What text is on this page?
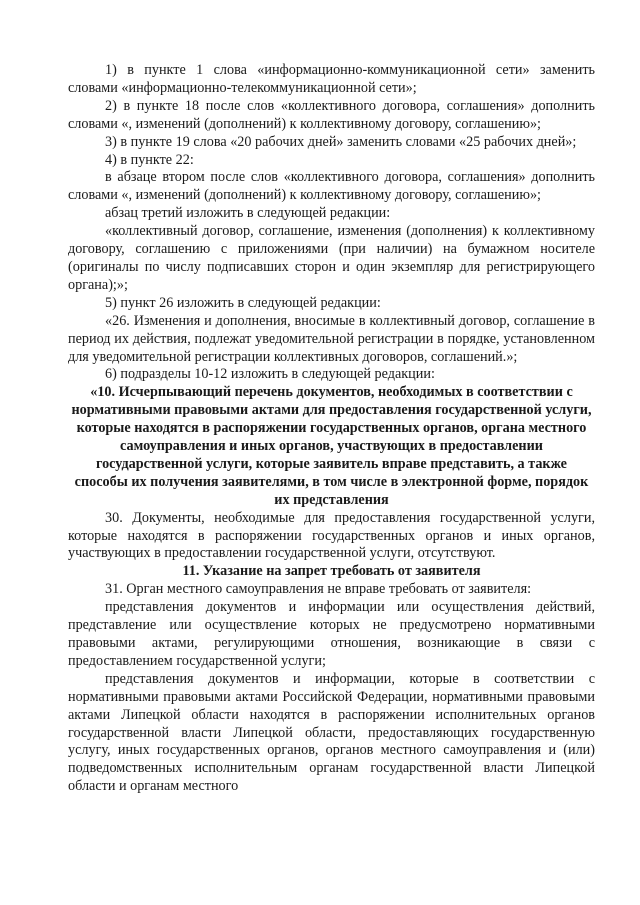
1) в пункте 1 слова «информационно-коммуникационной сети» заменить словами «информационно-телекоммуникационной сети»;

2) в пункте 18 после слов «коллективного договора, соглашения» дополнить словами «, изменений (дополнений) к коллективному договору, соглашению»;

3) в пункте 19 слова «20 рабочих дней» заменить словами «25 рабочих дней»;

4) в пункте 22:

в абзаце втором после слов «коллективного договора, соглашения» дополнить словами «, изменений (дополнений) к коллективному договору, соглашению»;

абзац третий изложить в следующей редакции:

«коллективный договор, соглашение, изменения (дополнения) к коллективному договору, соглашению с приложениями (при наличии) на бумажном носителе (оригиналы по числу подписавших сторон и один экземпляр для регистрирующего органа);»;

5) пункт 26 изложить в следующей редакции:

«26. Изменения и дополнения, вносимые в коллективный договор, соглашение в период их действия, подлежат уведомительной регистрации в порядке, установленном для уведомительной регистрации коллективных договоров, соглашений.»;

6) подразделы 10-12 изложить в следующей редакции:

«10. Исчерпывающий перечень документов, необходимых в соответствии с нормативными правовыми актами для предоставления государственной услуги, которые находятся в распоряжении государственных органов, органа местного самоуправления и иных органов, участвующих в предоставлении государственной услуги, которые заявитель вправе представить, а также способы их получения заявителями, в том числе в электронной форме, порядок их представления

30. Документы, необходимые для предоставления государственной услуги, которые находятся в распоряжении государственных органов и иных органов, участвующих в предоставлении государственной услуги, отсутствуют.

11. Указание на запрет требовать от заявителя

31. Орган местного самоуправления не вправе требовать от заявителя:

представления документов и информации или осуществления действий, представление или осуществление которых не предусмотрено нормативными правовыми актами, регулирующими отношения, возникающие в связи с предоставлением государственной услуги;

представления документов и информации, которые в соответствии с нормативными правовыми актами Российской Федерации, нормативными правовыми актами Липецкой области находятся в распоряжении исполнительных органов государственной власти Липецкой области, предоставляющих государственную услугу, иных государственных органов, органов местного самоуправления и (или) подведомственных исполнительным органам государственной власти Липецкой области и органам местного
